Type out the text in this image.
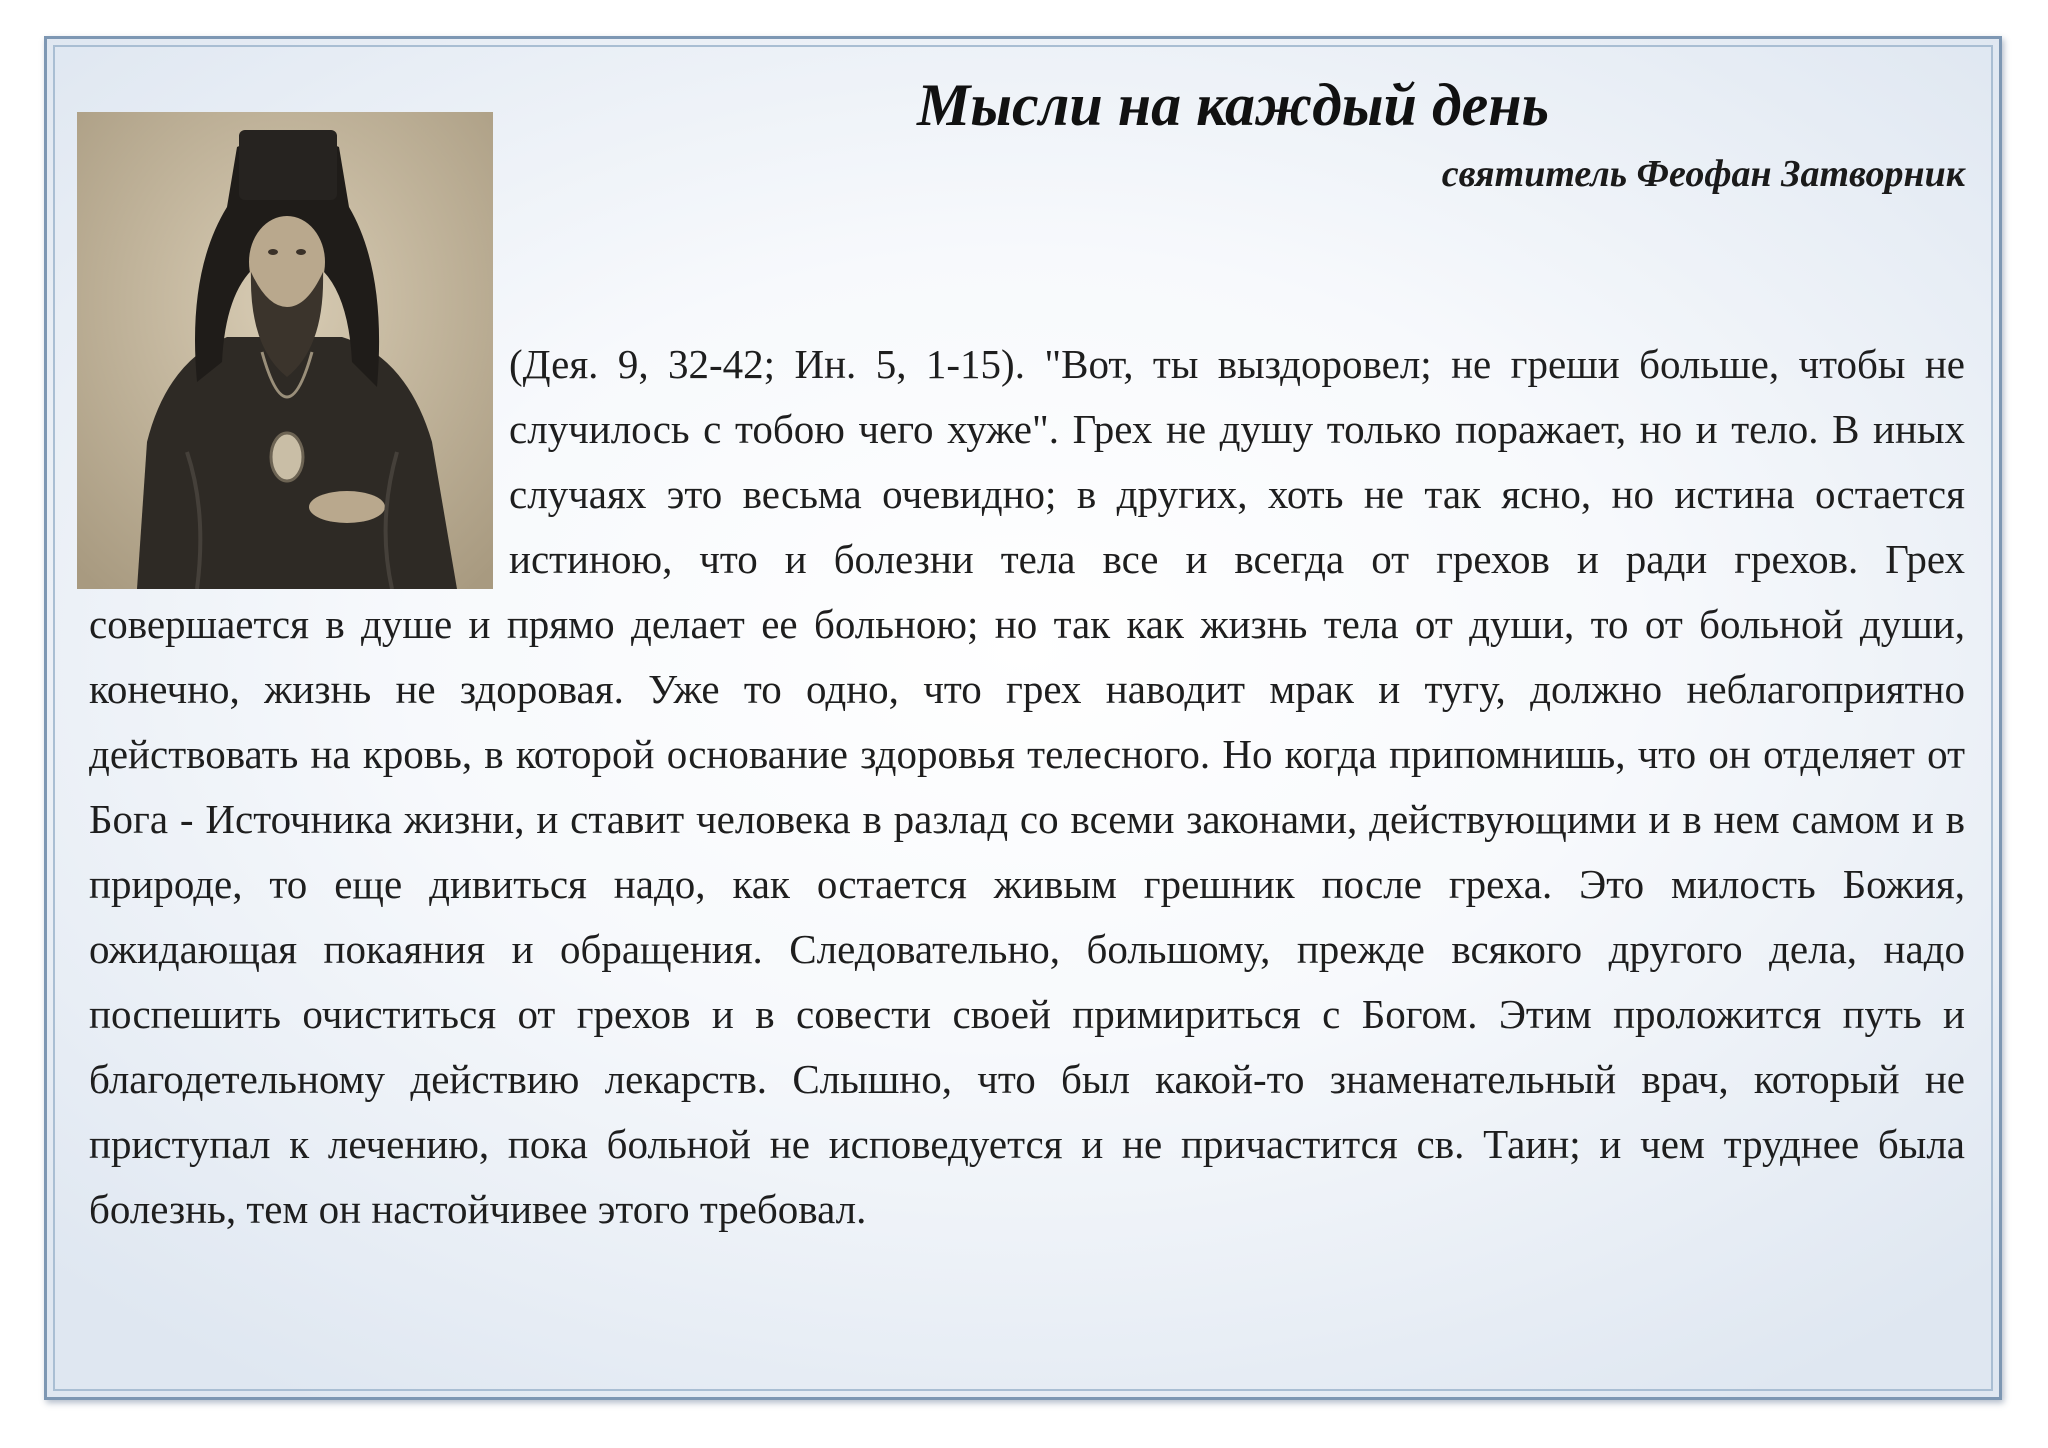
Мысли на каждый день
святитель Феофан Затворник

(Дея. 9, 32-42; Ин. 5, 1-15). "Вот, ты выздоровел; не греши больше, чтобы не случилось с тобою чего хуже". Грех не душу только поражает, но и тело. В иных случаях это весьма очевидно; в других, хоть не так ясно, но истина остается истиною, что и болезни тела все и всегда от грехов и ради грехов. Грех совершается в душе и прямо делает ее больною; но так как жизнь тела от души, то от больной души, конечно, жизнь не здоровая. Уже то одно, что грех наводит мрак и тугу, должно неблагоприятно действовать на кровь, в которой основание здоровья телесного. Но когда припомнишь, что он отделяет от Бога - Источника жизни, и ставит человека в разлад со всеми законами, действующими и в нем самом и в природе, то еще дивиться надо, как остается живым грешник после греха. Это милость Божия, ожидающая покаяния и обращения. Следовательно, большому, прежде всякого другого дела, надо поспешить очиститься от грехов и в совести своей примириться с Богом. Этим проложится путь и благодетельному действию лекарств. Слышно, что был какой-то знаменательный врач, который не приступал к лечению, пока больной не исповедуется и не причастится св. Таин; и чем труднее была болезнь, тем он настойчивее этого требовал.
